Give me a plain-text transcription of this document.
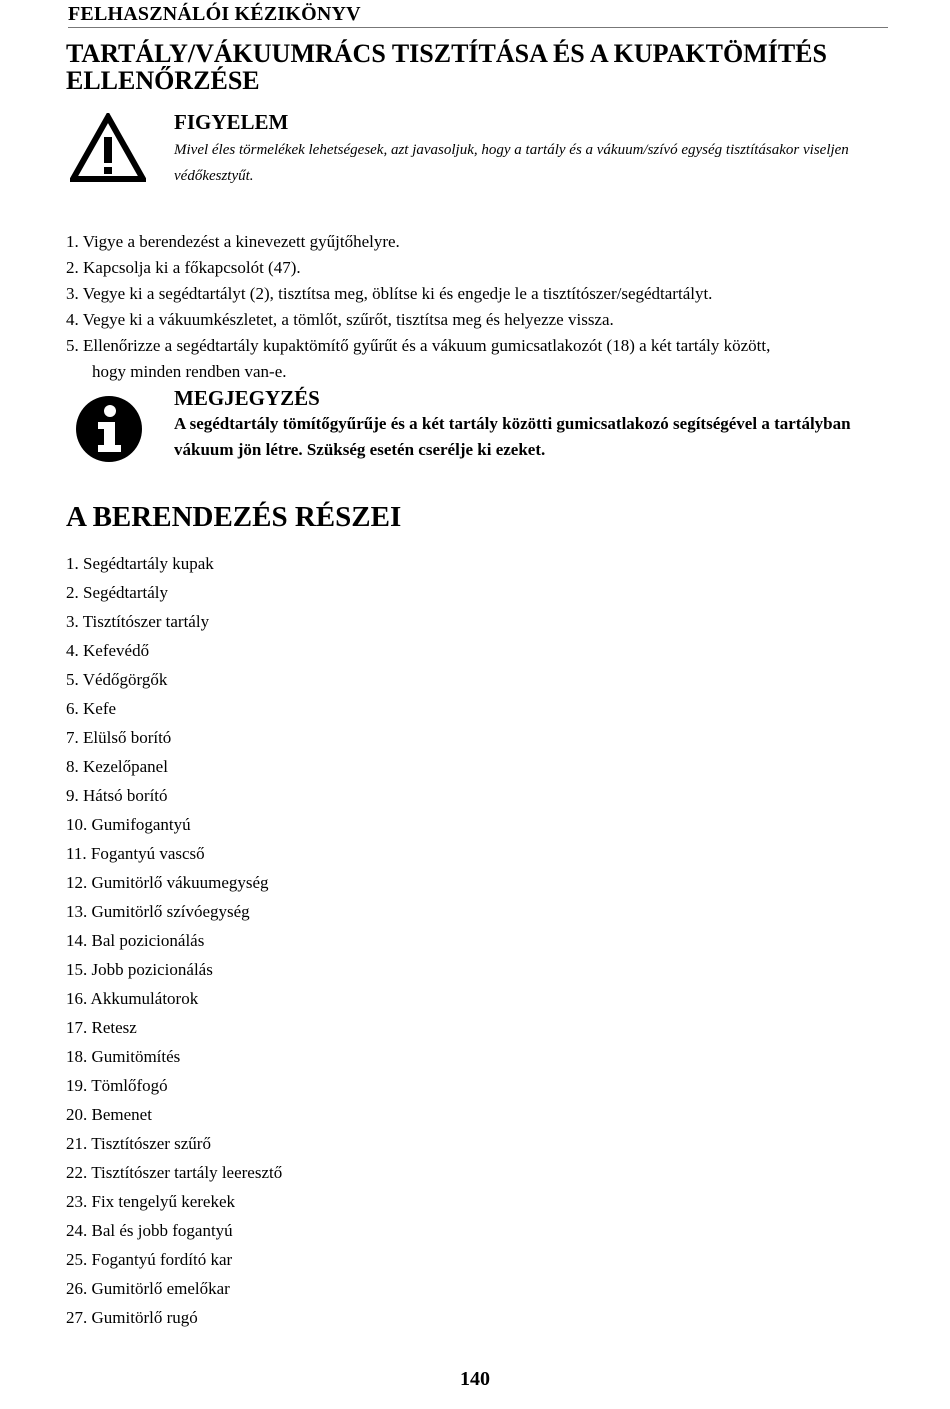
FELHASZNÁLÓI KÉZIKÖNYV
TARTÁLY/VÁKUUMRÁCS TISZTÍTÁSA ÉS A KUPAKTÖMÍTÉS
ELLENŐRZÉSE
FIGYELEM
Mivel éles törmelékek lehetségesek, azt javasoljuk, hogy a tartály és a vákuum/szívó egység tisztításakor viseljen védőkesztyűt.
1. Vigye a berendezést a kinevezett gyűjtőhelyre.
2. Kapcsolja ki a főkapcsolót (47).
3. Vegye ki a segédtartályt (2), tisztítsa meg, öblítse ki és engedje le a tisztítószer/segédtartályt.
4. Vegye ki a vákuumkészletet, a tömlőt, szűrőt, tisztítsa meg és helyezze vissza.
5. Ellenőrizze a segédtartály kupaktömítő gyűrűt és a vákuum gumicsatlakozót (18) a két tartály között,
hogy minden rendben van-e.
MEGJEGYZÉS
A segédtartály tömítőgyűrűje és a két tartály közötti gumicsatlakozó segítségével a tartályban vákuum jön létre. Szükség esetén cserélje ki ezeket.
A BERENDEZÉS RÉSZEI
1. Segédtartály kupak
2. Segédtartály
3. Tisztítószer tartály
4. Kefevédő
5. Védőgörgők
6. Kefe
7. Elülső borító
8. Kezelőpanel
9. Hátsó borító
10. Gumifogantyú
11. Fogantyú vascső
12. Gumitörlő vákuumegység
13. Gumitörlő szívóegység
14. Bal pozicionálás
15. Jobb pozicionálás
16. Akkumulátorok
17. Retesz
18. Gumitömítés
19. Tömlőfogó
20. Bemenet
21. Tisztítószer szűrő
22. Tisztítószer tartály leeresztő
23. Fix tengelyű kerekek
24. Bal és jobb fogantyú
25. Fogantyú fordító kar
26. Gumitörlő emelőkar
27. Gumitörlő rugó
140
